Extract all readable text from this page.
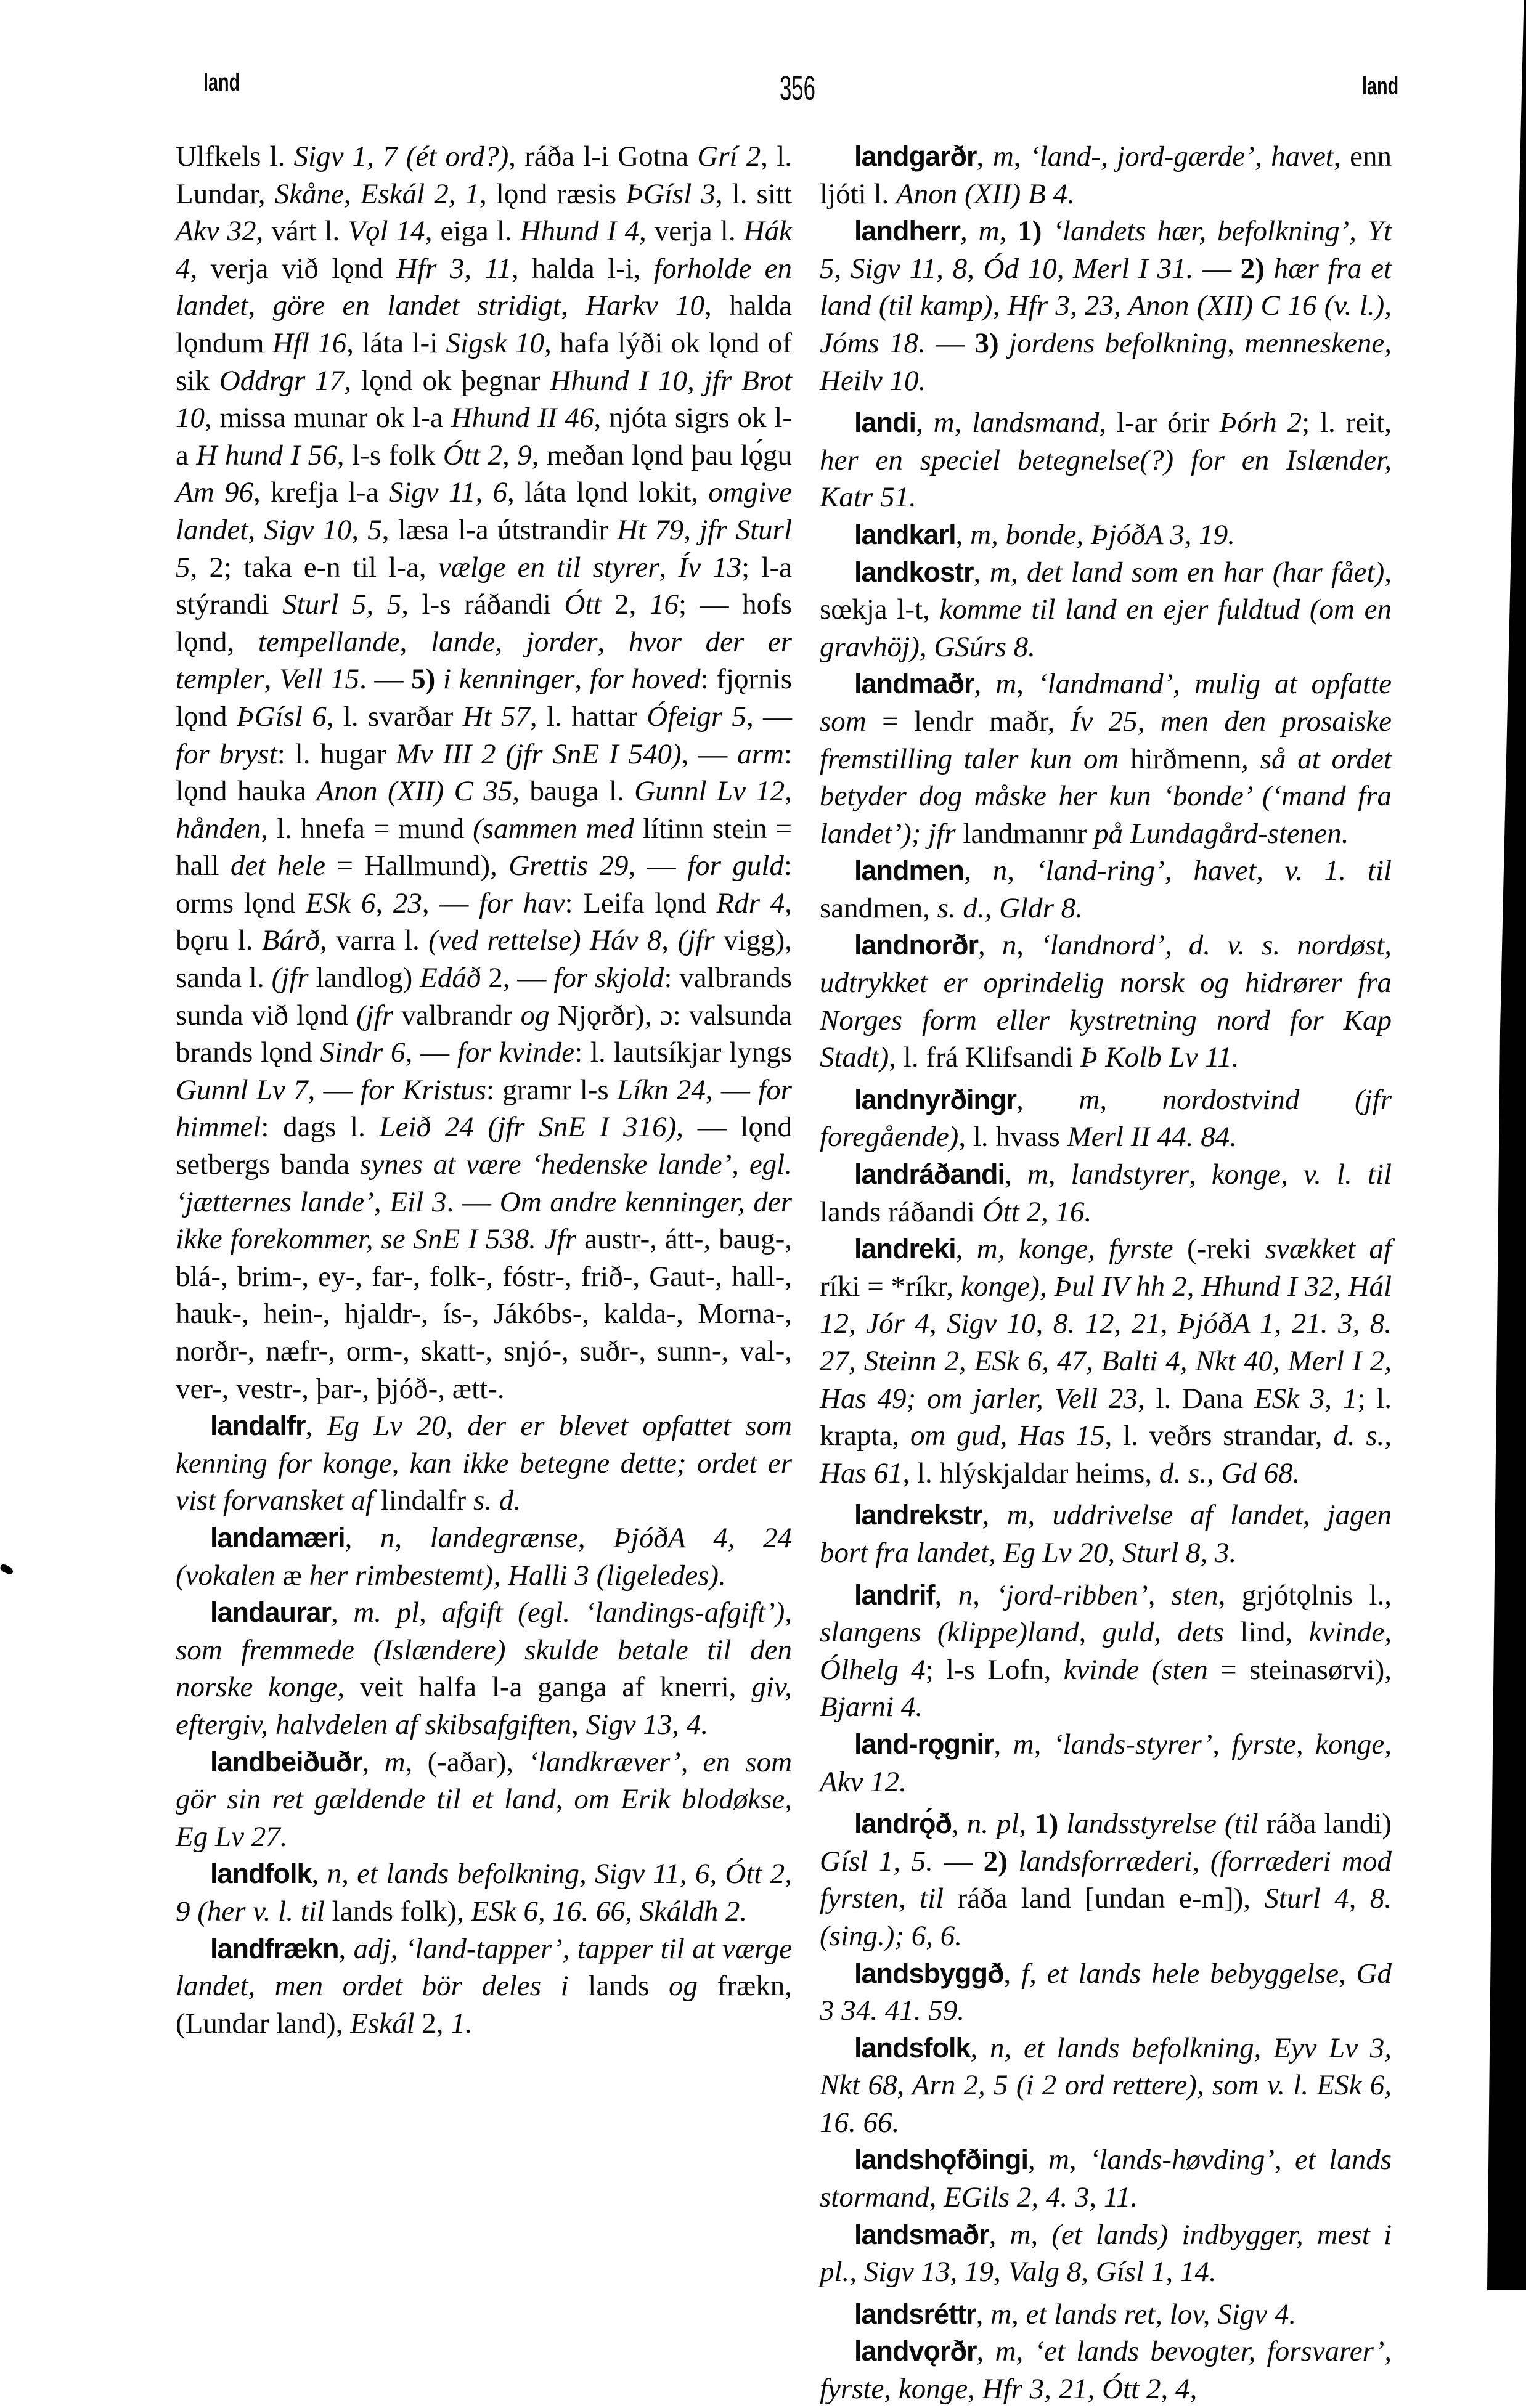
land	356	land

Ulfkels l. Sigv 1, 7 (ét ord?), ráða l-i Gotna Grí 2, l. Lundar, Skåne, Eskál 2, 1, lǫnd ræsis ÞGísl 3, l. sitt Akv 32, várt l. Vǫl 14, eiga l. Hhund I 4, verja l. Hák 4, verja við lǫnd Hfr 3, 11, halda l-i, forholde en landet, göre en landet stridigt, Harkv 10, halda lǫndum Hfl 16, láta l-i Sigsk 10, hafa lýði ok lǫnd of sik Oddrgr 17, lǫnd ok þegnar Hhund I 10, jfr Brot 10, missa munar ok l-a Hhund II 46, njóta sigrs ok l-a H hund I 56, l-s folk Ótt 2, 9, meðan lǫnd þau lǫ́gu Am 96, krefja l-a Sigv 11, 6, láta lǫnd lokit, omgive landet, Sigv 10, 5, læsa l-a útstrandir Ht 79, jfr Sturl 5, 2; taka e-n til l-a, vælge en til styrer, Ív 13; l-a stýrandi Sturl 5, 5, l-s ráðandi Ótt 2, 16; — hofs lǫnd, tempellande, lande, jorder, hvor der er templer, Vell 15. — 5) i kenninger, for hoved: fjǫrnis lǫnd ÞGísl 6, l. svarðar Ht 57, l. hattar Ófeigr 5, — for bryst: l. hugar Mv III 2 (jfr SnE I 540), — arm: lǫnd hauka Anon (XII) C 35, bauga l. Gunnl Lv 12, hånden, l. hnefa = mund (sammen med lítinn stein = hall det hele = Hallmund), Grettis 29, — for guld: orms lǫnd ESk 6, 23, — for hav: Leifa lǫnd Rdr 4, bǫru l. Bárð, varra l. (ved rettelse) Háv 8, (jfr vigg), sanda l. (jfr landlog) Edáð 2, — for skjold: valbrands sunda við lǫnd (jfr valbrandr og Njǫrðr), ɔ: valsunda brands lǫnd Sindr 6, — for kvinde: l. lautsíkjar lyngs Gunnl Lv 7, — for Kristus: gramr l-s Líkn 24, — for himmel: dags l. Leið 24 (jfr SnE I 316), — lǫnd setbergs banda synes at være ‘hedenske lande’, egl. ‘jætternes lande’, Eil 3. — Om andre kenninger, der ikke forekommer, se SnE I 538. Jfr austr-, átt-, baug-, blá-, brim-, ey-, far-, folk-, fóstr-, frið-, Gaut-, hall-, hauk-, hein-, hjaldr-, ís-, Jákóbs-, kalda-, Morna-, norðr-, næfr-, orm-, skatt-, snjó-, suðr-, sunn-, val-, ver-, vestr-, þar-, þjóð-, ætt-.

landalfr, Eg Lv 20, der er blevet opfattet som kenning for konge, kan ikke betegne dette; ordet er vist forvansket af lindalfr s. d.

landamæri, n, landegrænse, ÞjóðA 4, 24 (vokalen æ her rimbestemt), Halli 3 (ligeledes).

landaurar, m. pl, afgift (egl. ‘landings-afgift’), som fremmede (Islændere) skulde betale til den norske konge, veit halfa l-a ganga af knerri, giv, eftergiv, halvdelen af skibsafgiften, Sigv 13, 4.

landbeiðuðr, m, (-aðar), ‘landkræver’, en som gör sin ret gældende til et land, om Erik blodøkse, Eg Lv 27.

landfolk, n, et lands befolkning, Sigv 11, 6, Ótt 2, 9 (her v. l. til lands folk), ESk 6, 16. 66, Skáldh 2.

landfrækn, adj, ‘land-tapper’, tapper til at værge landet, men ordet bör deles i lands og frækn, (Lundar land), Eskál 2, 1.

landgarðr, m, ‘land-, jord-gærde’, havet, enn ljóti l. Anon (XII) B 4.

landherr, m, 1) ‘landets hær, befolkning’, Yt 5, Sigv 11, 8, Ód 10, Merl I 31. — 2) hær fra et land (til kamp), Hfr 3, 23, Anon (XII) C 16 (v. l.), Jóms 18. — 3) jordens befolkning, menneskene, Heilv 10.

landi, m, landsmand, l-ar órir Þórh 2; l. reit, her en speciel betegnelse(?) for en Islænder, Katr 51.

landkarl, m, bonde, ÞjóðA 3, 19.

landkostr, m, det land som en har (har fået), sœkja l-t, komme til land en ejer fuldtud (om en gravhöj), GSúrs 8.

landmaðr, m, ‘landmand’, mulig at opfatte som = lendr maðr, Ív 25, men den prosaiske fremstilling taler kun om hirðmenn, så at ordet betyder dog måske her kun ‘bonde’ (‘mand fra landet’); jfr landmannr på Lundagård-stenen.

landmen, n, ‘land-ring’, havet, v. 1. til sandmen, s. d., Gldr 8.

landnorðr, n, ‘landnord’, d. v. s. nordøst, udtrykket er oprindelig norsk og hidrører fra Norges form eller kystretning nord for Kap Stadt), l. frá Klifsandi Þ Kolb Lv 11.

landnyrðingr, m, nordostvind (jfr foregående), l. hvass Merl II 44. 84.

landráðandi, m, landstyrer, konge, v. l. til lands ráðandi Ótt 2, 16.

landreki, m, konge, fyrste (-reki svækket af ríki = *ríkr, konge), Þul IV hh 2, Hhund I 32, Hál 12, Jór 4, Sigv 10, 8. 12, 21, ÞjóðA 1, 21. 3, 8. 27, Steinn 2, ESk 6, 47, Balti 4, Nkt 40, Merl I 2, Has 49; om jarler, Vell 23, l. Dana ESk 3, 1; l. krapta, om gud, Has 15, l. veðrs strandar, d. s., Has 61, l. hlýskjaldar heims, d. s., Gd 68.

landrekstr, m, uddrivelse af landet, jagen bort fra landet, Eg Lv 20, Sturl 8, 3.

landrif, n, ‘jord-ribben’, sten, grjótǫlnis l., slangens (klippe)land, guld, dets lind, kvinde, Ólhelg 4; l-s Lofn, kvinde (sten = steinasørvi), Bjarni 4.

land-rǫgnir, m, ‘lands-styrer’, fyrste, konge, Akv 12.

landrǫ́ð, n. pl, 1) landsstyrelse (til ráða landi) Gísl 1, 5. — 2) landsforræderi, (forræderi mod fyrsten, til ráða land [undan e-m]), Sturl 4, 8. (sing.); 6, 6.

landsbyggð, f, et lands hele bebyggelse, Gd 3 34. 41. 59.

landsfolk, n, et lands befolkning, Eyv Lv 3, Nkt 68, Arn 2, 5 (i 2 ord rettere), som v. l. ESk 6, 16. 66.

landshǫfðingi, m, ‘lands-høvding’, et lands stormand, EGils 2, 4. 3, 11.

landsmaðr, m, (et lands) indbygger, mest i pl., Sigv 13, 19, Valg 8, Gísl 1, 14.

landsréttr, m, et lands ret, lov, Sigv 4.

landvǫrðr, m, ‘et lands bevogter, forsvarer’, fyrste, konge, Hfr 3, 21, Ótt 2, 4,
